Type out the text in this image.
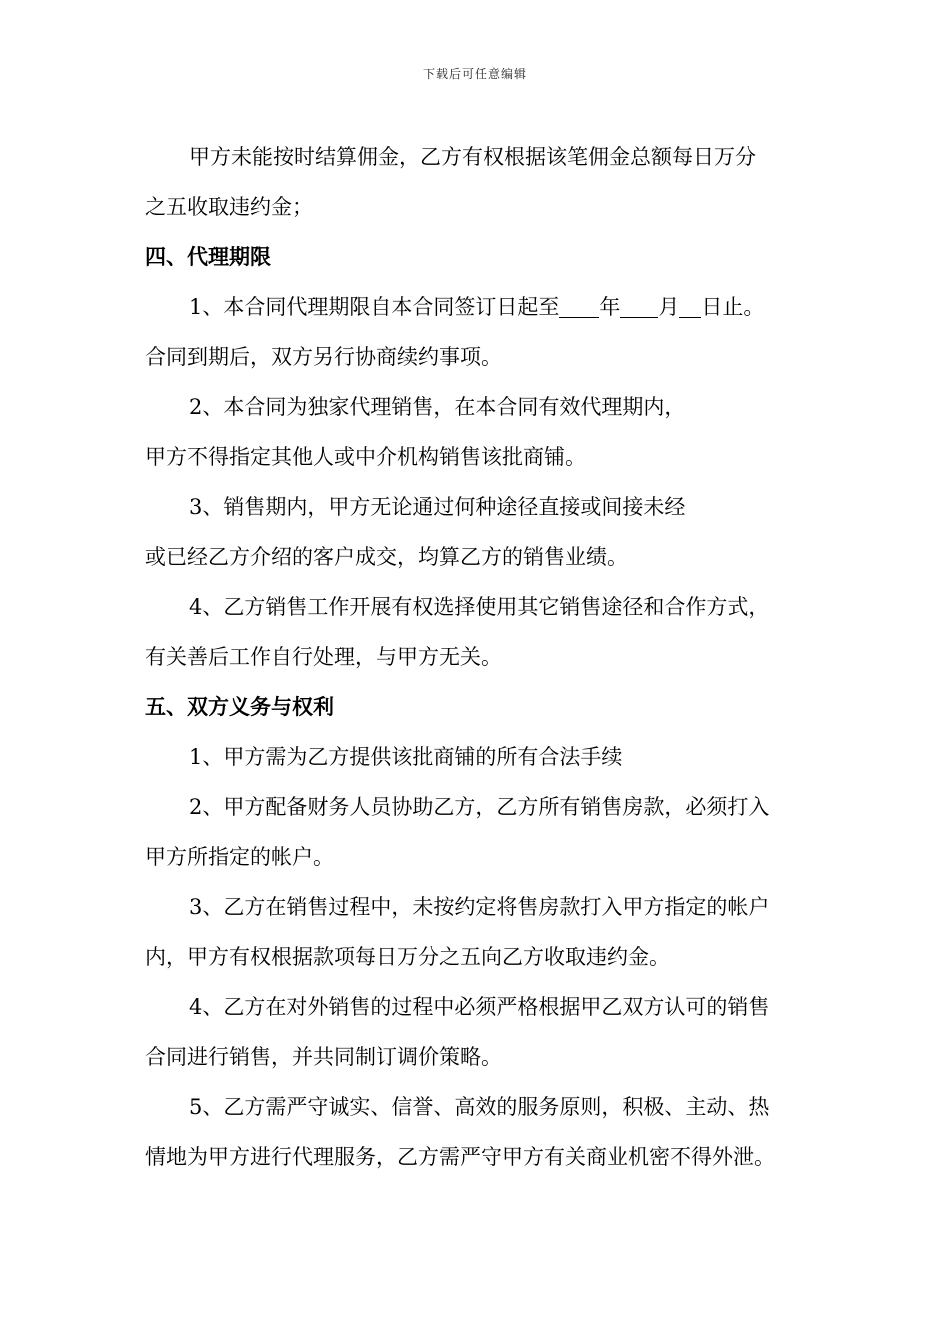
下载后可任意编辑

甲方未能按时结算佣金，乙方有权根据该笔佣金总额每日万分

之五收取违约金；

四、代理期限

1、本合同代理期限自本合同签订日起至 年 月 日止。

合同到期后，双方另行协商续约事项。

2、本合同为独家代理销售，在本合同有效代理期内，

甲方不得指定其他人或中介机构销售该批商铺。

3、销售期内，甲方无论通过何种途径直接或间接未经

或已经乙方介绍的客户成交，均算乙方的销售业绩。

4、乙方销售工作开展有权选择使用其它销售途径和合作方式，

有关善后工作自行处理，与甲方无关。

五、双方义务与权利

1、甲方需为乙方提供该批商铺的所有合法手续

2、甲方配备财务人员协助乙方，乙方所有销售房款，必须打入

甲方所指定的帐户。

3、乙方在销售过程中，未按约定将售房款打入甲方指定的帐户

内，甲方有权根据款项每日万分之五向乙方收取违约金。

4、乙方在对外销售的过程中必须严格根据甲乙双方认可的销售

合同进行销售，并共同制订调价策略。

5、乙方需严守诚实、信誉、高效的服务原则，积极、主动、热

情地为甲方进行代理服务，乙方需严守甲方有关商业机密不得外泄。
